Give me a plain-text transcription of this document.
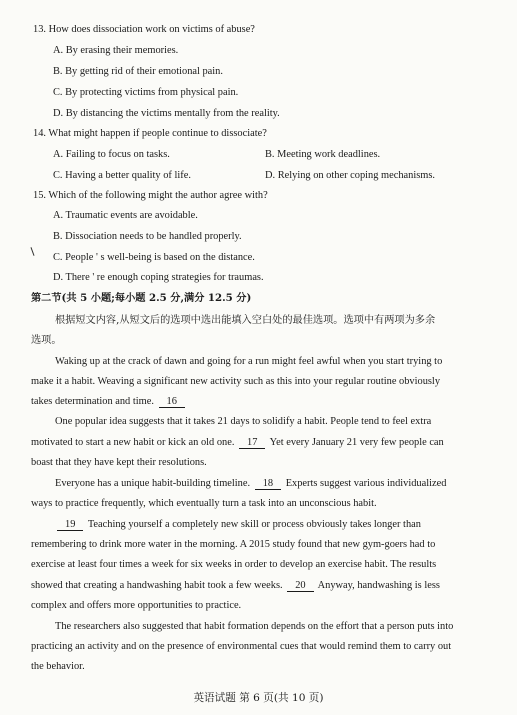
13. How does dissociation work on victims of abuse?
A. By erasing their memories.
B. By getting rid of their emotional pain.
C. By protecting victims from physical pain.
D. By distancing the victims mentally from the reality.
14. What might happen if people continue to dissociate?
A. Failing to focus on tasks.	B. Meeting work deadlines.
C. Having a better quality of life.	D. Relying on other coping mechanisms.
15. Which of the following might the author agree with?
A. Traumatic events are avoidable.
B. Dissociation needs to be handled properly.
C. People ' s well-being is based on the distance.
D. There ' re enough coping strategies for traumas.
第二节(共 5 小题;每小题 2.5 分,满分 12.5 分)
根据短文内容,从短文后的选项中选出能填入空白处的最佳选项。选项中有两项为多余
选项。
Waking up at the crack of dawn and going for a run might feel awful when you start trying to
make it a habit. Weaving a significant new activity such as this into your regular routine obviously
takes determination and time. 16
One popular idea suggests that it takes 21 days to solidify a habit. People tend to feel extra
motivated to start a new habit or kick an old one. 17 Yet every January 21 very few people can
boast that they have kept their resolutions.
Everyone has a unique habit-building timeline. 18 Experts suggest various individualized
ways to practice frequently, which eventually turn a task into an unconscious habit.
19 Teaching yourself a completely new skill or process obviously takes longer than
remembering to drink more water in the morning. A 2015 study found that new gym-goers had to
exercise at least four times a week for six weeks in order to develop an exercise habit. The results
showed that creating a handwashing habit took a few weeks. 20 Anyway, handwashing is less
complex and offers more opportunities to practice.
The researchers also suggested that habit formation depends on the effort that a person puts into
practicing an activity and on the presence of environmental cues that would remind them to carry out
the behavior.
英语试题 第 6 页(共 10 页)
